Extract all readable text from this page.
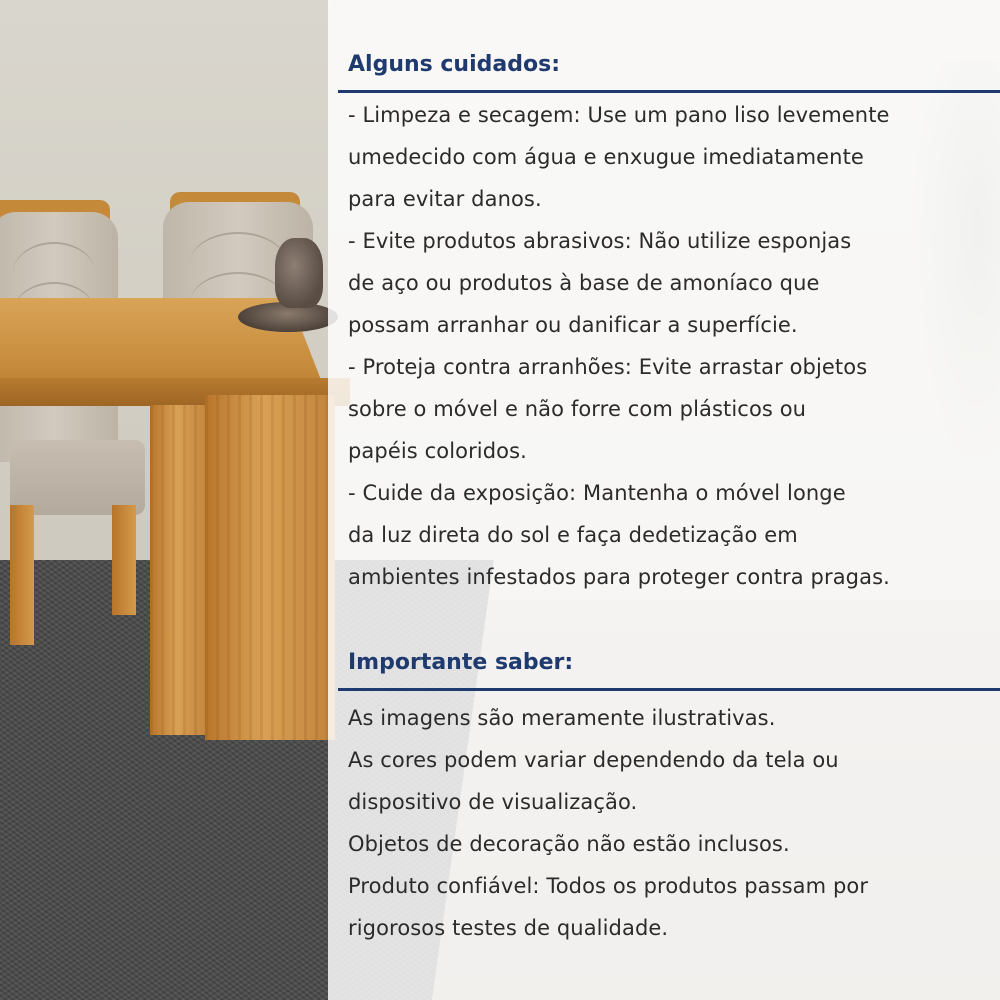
Alguns cuidados:
- Limpeza e secagem: Use um pano liso levemente
umedecido com água e enxugue imediatamente
para evitar danos.
- Evite produtos abrasivos: Não utilize esponjas
de aço ou produtos à base de amoníaco que
possam arranhar ou danificar a superfície.
- Proteja contra arranhões: Evite arrastar objetos
sobre o móvel e não forre com plásticos ou
papéis coloridos.
- Cuide da exposição: Mantenha o móvel longe
da luz direta do sol e faça dedetização em
ambientes infestados para proteger contra pragas.
Importante saber:
As imagens são meramente ilustrativas.
As cores podem variar dependendo da tela ou
dispositivo de visualização.
Objetos de decoração não estão inclusos.
Produto confiável: Todos os produtos passam por
rigorosos testes de qualidade.
